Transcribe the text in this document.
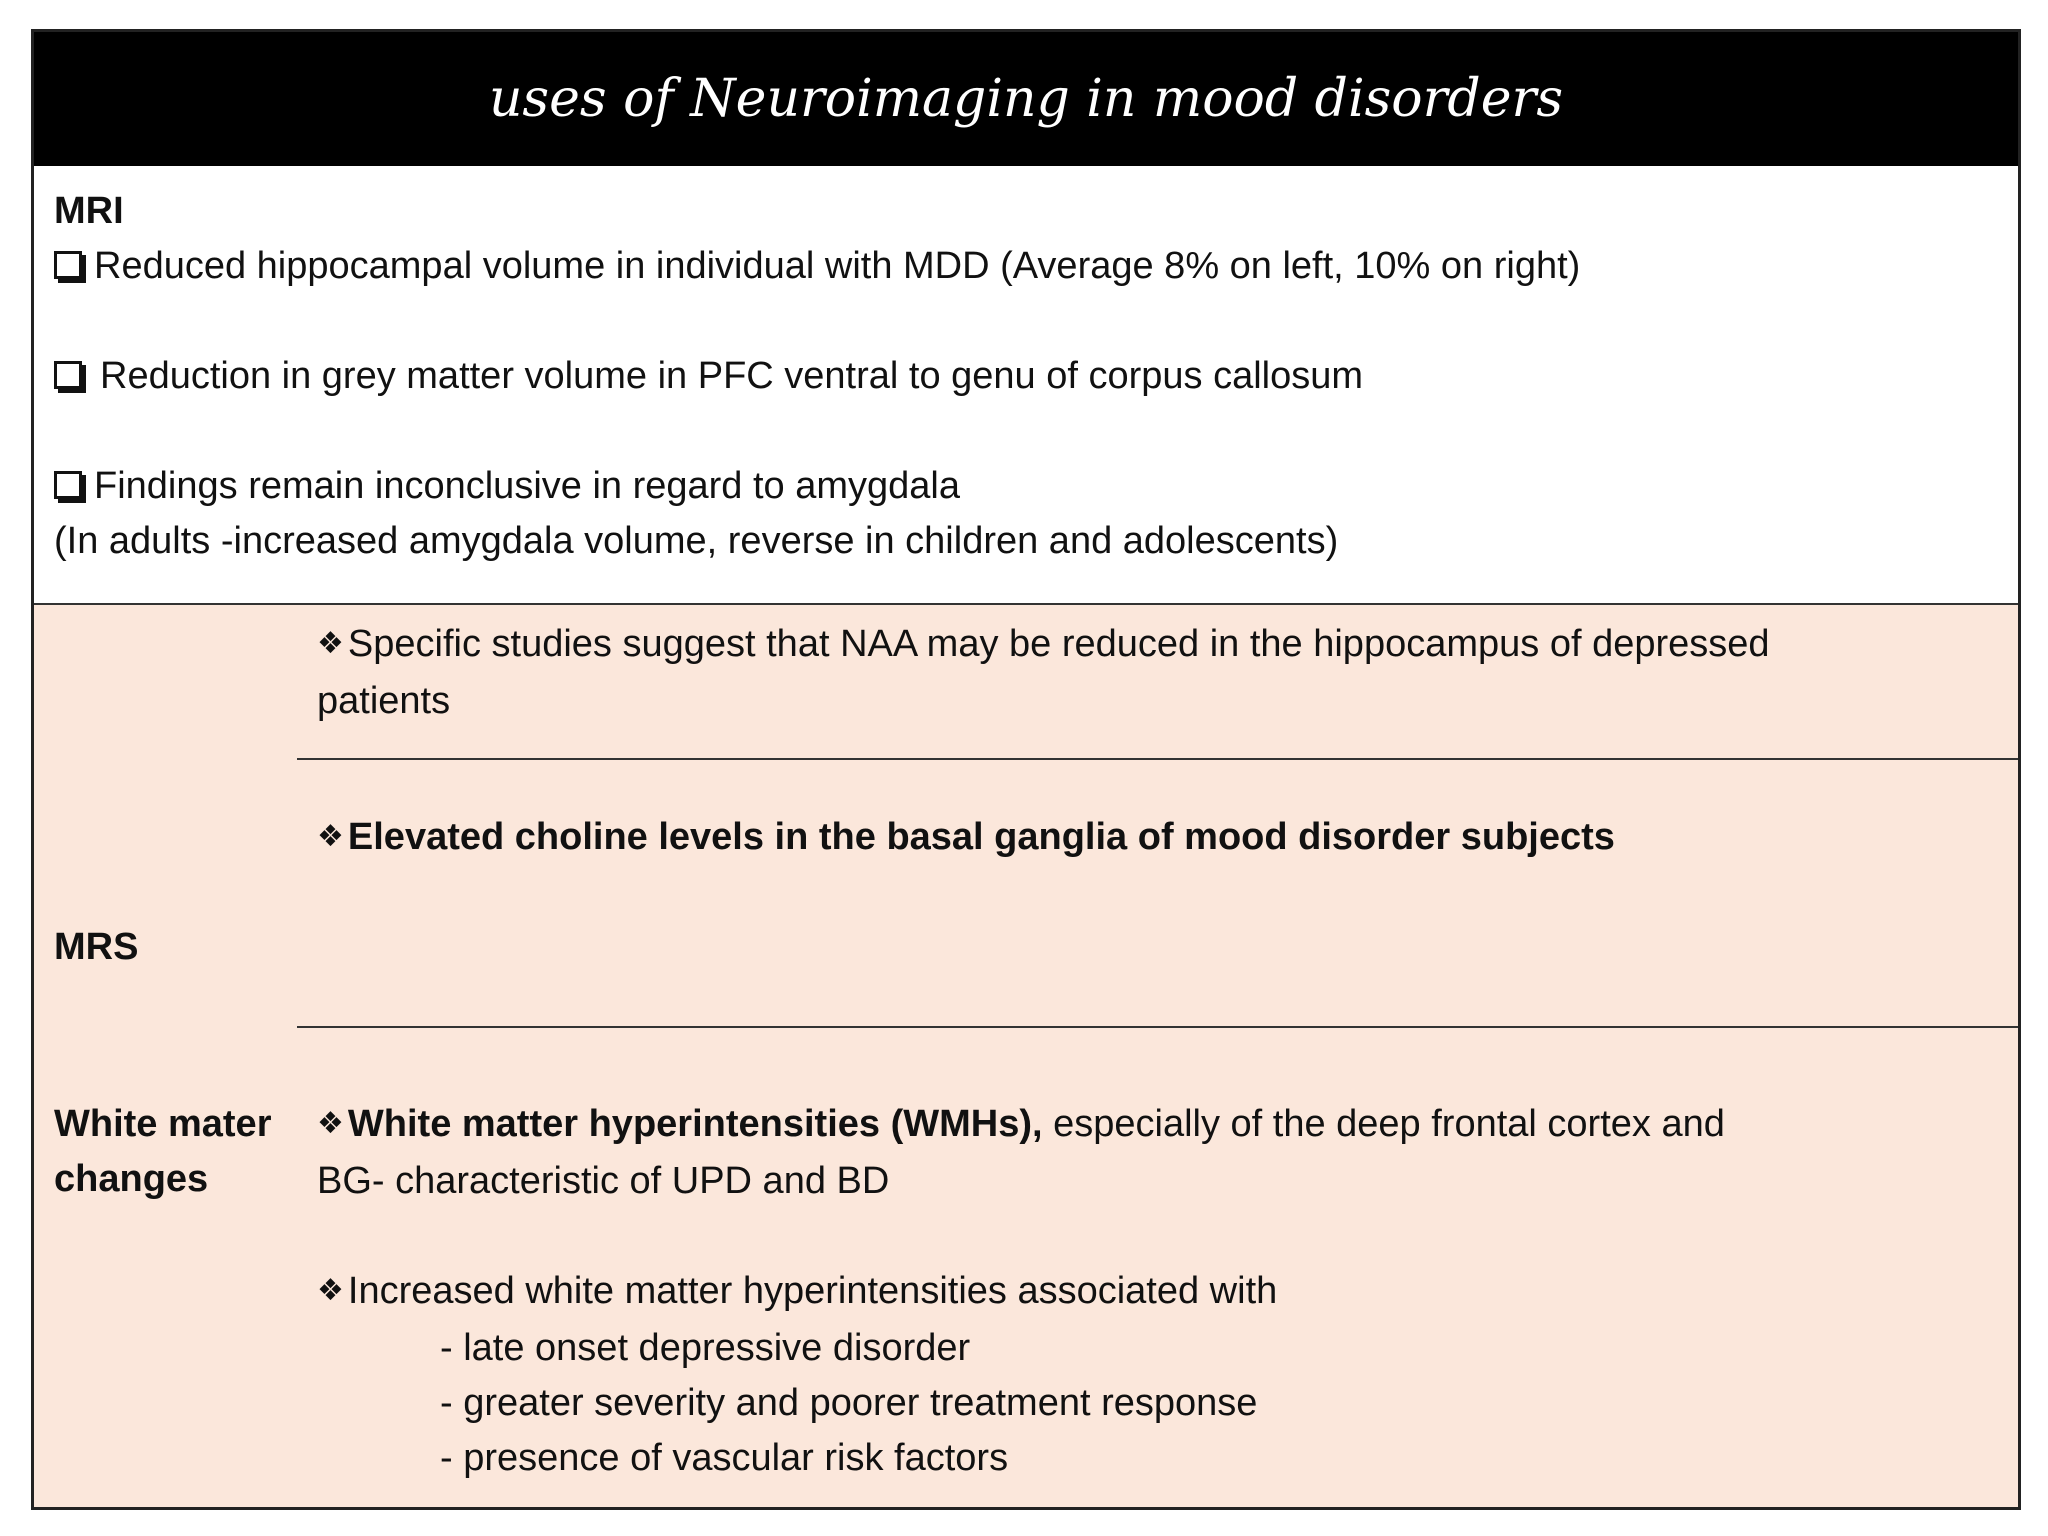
uses of Neuroimaging in mood disorders
MRI
Reduced hippocampal volume in individual with MDD (Average 8% on left, 10% on right)
Reduction in grey matter volume in PFC ventral to genu of corpus callosum
Findings remain inconclusive in regard to amygdala
(In adults -increased amygdala volume, reverse in children and adolescents)
MRS
White mater
changes
❖ Specific studies suggest that NAA may be reduced in the hippocampus of depressed
patients
❖ Elevated choline levels in the basal ganglia of mood disorder subjects
❖ White matter hyperintensities (WMHs), especially of the deep frontal cortex and
BG- characteristic of UPD and BD
❖ Increased white matter hyperintensities associated with
- late onset depressive disorder
- greater severity and poorer treatment response
- presence of vascular risk factors
